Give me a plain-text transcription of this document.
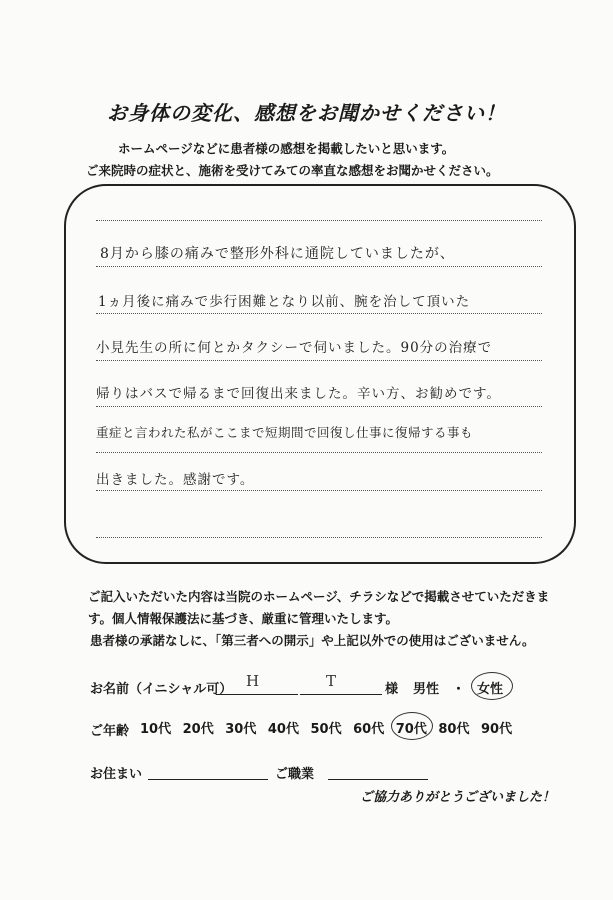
お身体の変化、感想をお聞かせください！
ホームページなどに患者様の感想を掲載したいと思います。
ご来院時の症状と、施術を受けてみての率直な感想をお聞かせください。
8月から膝の痛みで整形外科に通院していましたが、
1ヵ月後に痛みで歩行困難となり以前、腕を治して頂いた
小見先生の所に何とかタクシーで伺いました。90分の治療で
帰りはバスで帰るまで回復出来ました。辛い方、お勧めです。
重症と言われた私がここまで短期間で回復し仕事に復帰する事も
出きました。感謝です。
ご記入いただいた内容は当院のホームページ、チラシなどで掲載させていただきま
す。個人情報保護法に基づき、厳重に管理いたします。
患者様の承諾なしに、「第三者への開示」や上記以外での使用はございません。
お名前（イニシャル可） H	T	様 男性 ・ 女性
ご年齢 10代 20代 30代 40代 50代 60代 70代 80代 90代
お住まい	ご職業
ご協力ありがとうございました！
